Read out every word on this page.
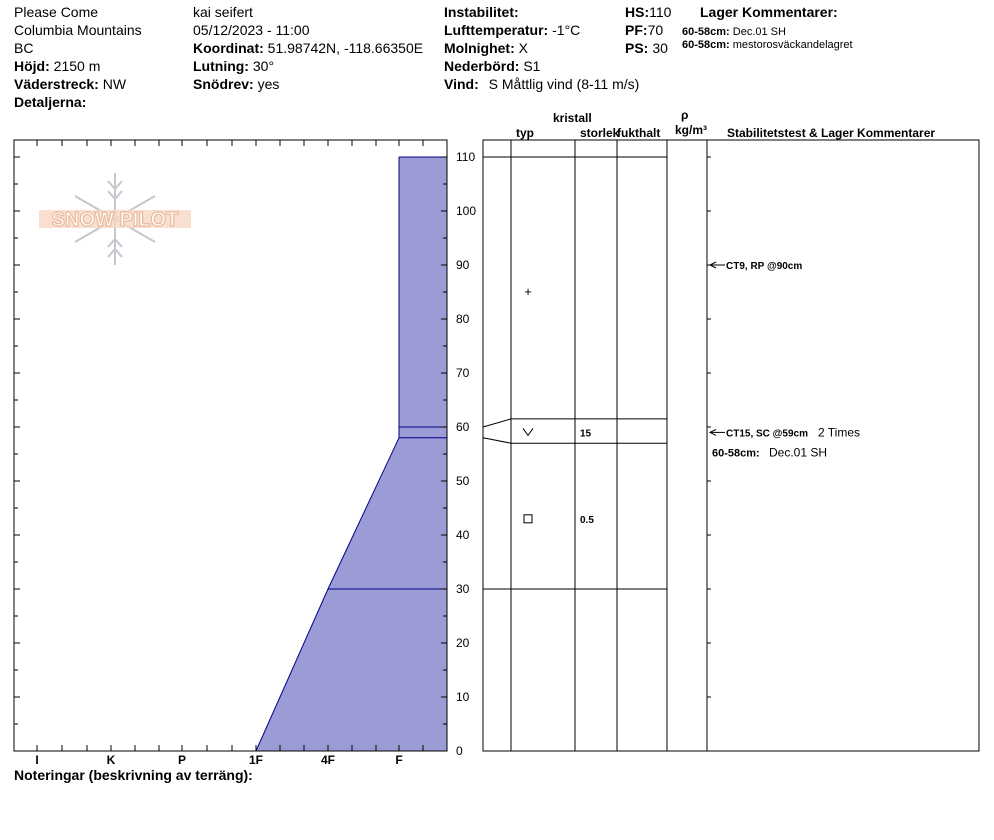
Please Come
Columbia Mountains
BC
Höjd: 2150 m
Väderstreck: NW
Detaljerna:
kai seifert
05/12/2023 - 11:00
Koordinat: 51.98742N, -118.66350E
Lutning: 30°
Snödrev: yes
Instabilitet:
Lufttemperatur: -1°C
Molnighet: X
Nederbörd: S1
Vind: S Måttlig vind (8-11 m/s)
HS:110
PF:70
PS: 30
Lager Kommentarer:
60-58cm: Dec.01 SH
60-58cm: mestorosväckandelagret
kristall
typ	storlek
fukthalt
ρ
kg/m³ Stabilitetstest & Lager Kommentarer
SNOW PILOT
I	K	P	1F	4F	F
0
10
20
30
40
50
60
70
80
90
100
110
+
15
0.5
CT9, RP @90cm
CT15, SC @59cm 2 Times
60-58cm: Dec.01 SH
Noteringar (beskrivning av terräng):
